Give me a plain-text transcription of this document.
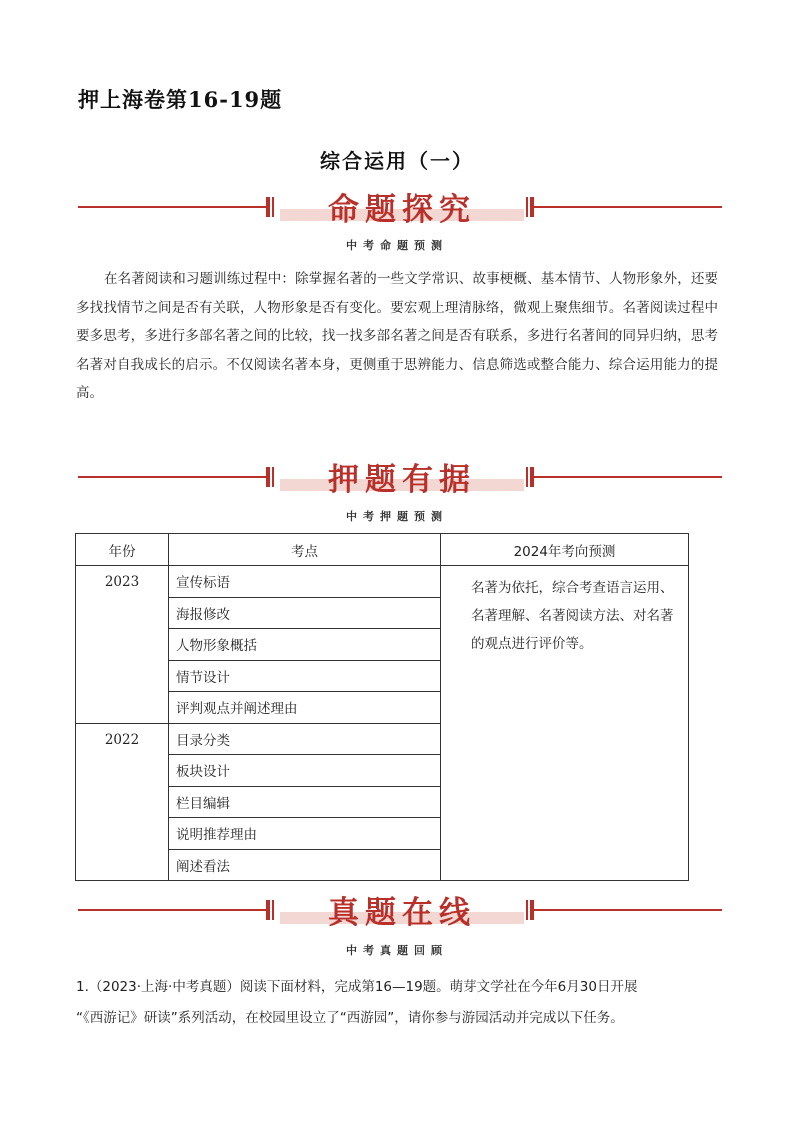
押上海卷第16-19题
综合运用（一）
命题探究
中考命题预测
在名著阅读和习题训练过程中：除掌握名著的一些文学常识、故事梗概、基本情节、人物形象外，还要多找找情节之间是否有关联，人物形象是否有变化。要宏观上理清脉络，微观上聚焦细节。名著阅读过程中要多思考，多进行多部名著之间的比较，找一找多部名著之间是否有联系，多进行名著间的同异归纳，思考名著对自我成长的启示。不仅阅读名著本身，更侧重于思辨能力、信息筛选或整合能力、综合运用能力的提高。
押题有据
中考押题预测
年份	考点	2024年考向预测
2023	宣传标语	名著为依托，综合考查语言运用、名著理解、名著阅读方法、对名著的观点进行评价等。
	海报修改	
	人物形象概括	
	情节设计	
	评判观点并阐述理由	
2022	目录分类	
	板块设计	
	栏目编辑	
	说明推荐理由	
	阐述看法	
真题在线
中考真题回顾
1.（2023·上海·中考真题）阅读下面材料，完成第16—19题。萌芽文学社在今年6月30日开展
“《西游记》研读”系列活动，在校园里设立了“西游园”，请你参与游园活动并完成以下任务。
